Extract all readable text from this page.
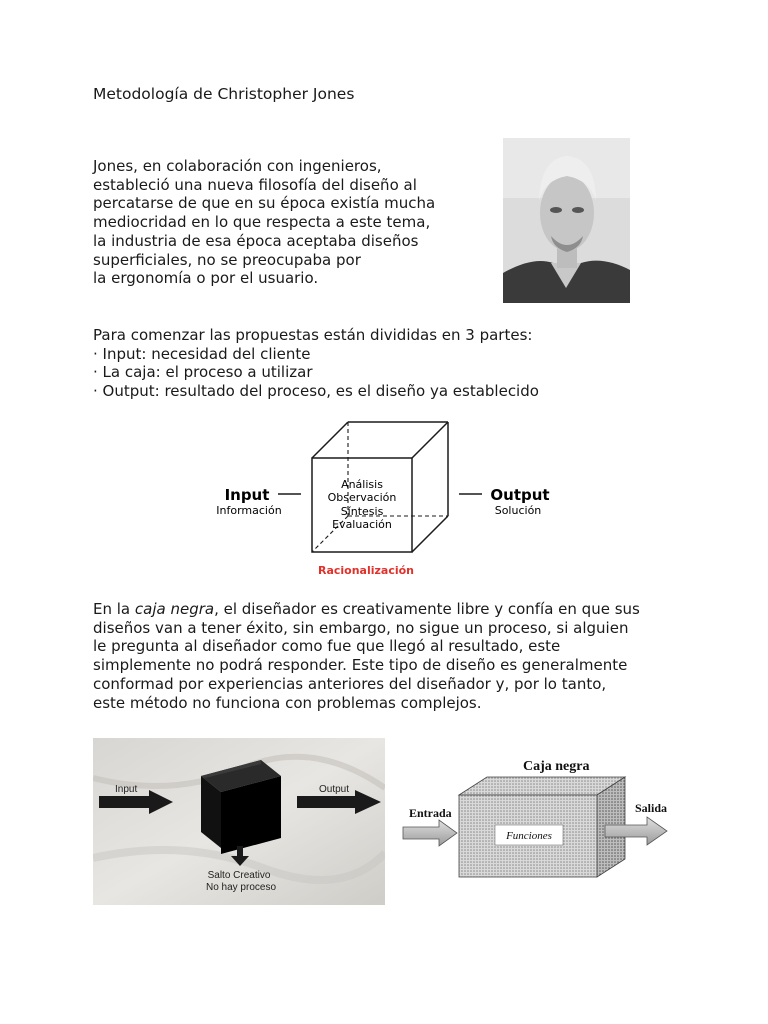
Metodología de Christopher Jones
Jones, en colaboración con ingenieros,
estableció una nueva filosofía del diseño al
percatarse de que en su época existía mucha
mediocridad en lo que respecta a este tema,
la industria de esa época aceptaba diseños
superficiales, no se preocupaba por
la ergonomía o por el usuario.
Para comenzar las propuestas están divididas en 3 partes:
· Input: necesidad del cliente
· La caja: el proceso a utilizar
· Output: resultado del proceso, es el diseño ya establecido
Input
Información
Output
Solución
Análisis
Observación
Síntesis
Evaluación
Racionalización
En la caja negra, el diseñador es creativamente libre y confía en que sus
diseños van a tener éxito, sin embargo, no sigue un proceso, si alguien
le pregunta al diseñador como fue que llegó al resultado, este
simplemente no podrá responder. Este tipo de diseño es generalmente
conformad por experiencias anteriores del diseñador y, por lo tanto,
este método no funciona con problemas complejos.
Input	Output
Salto Creativo
No hay proceso
Caja negra
Funciones
Entrada	Salida
